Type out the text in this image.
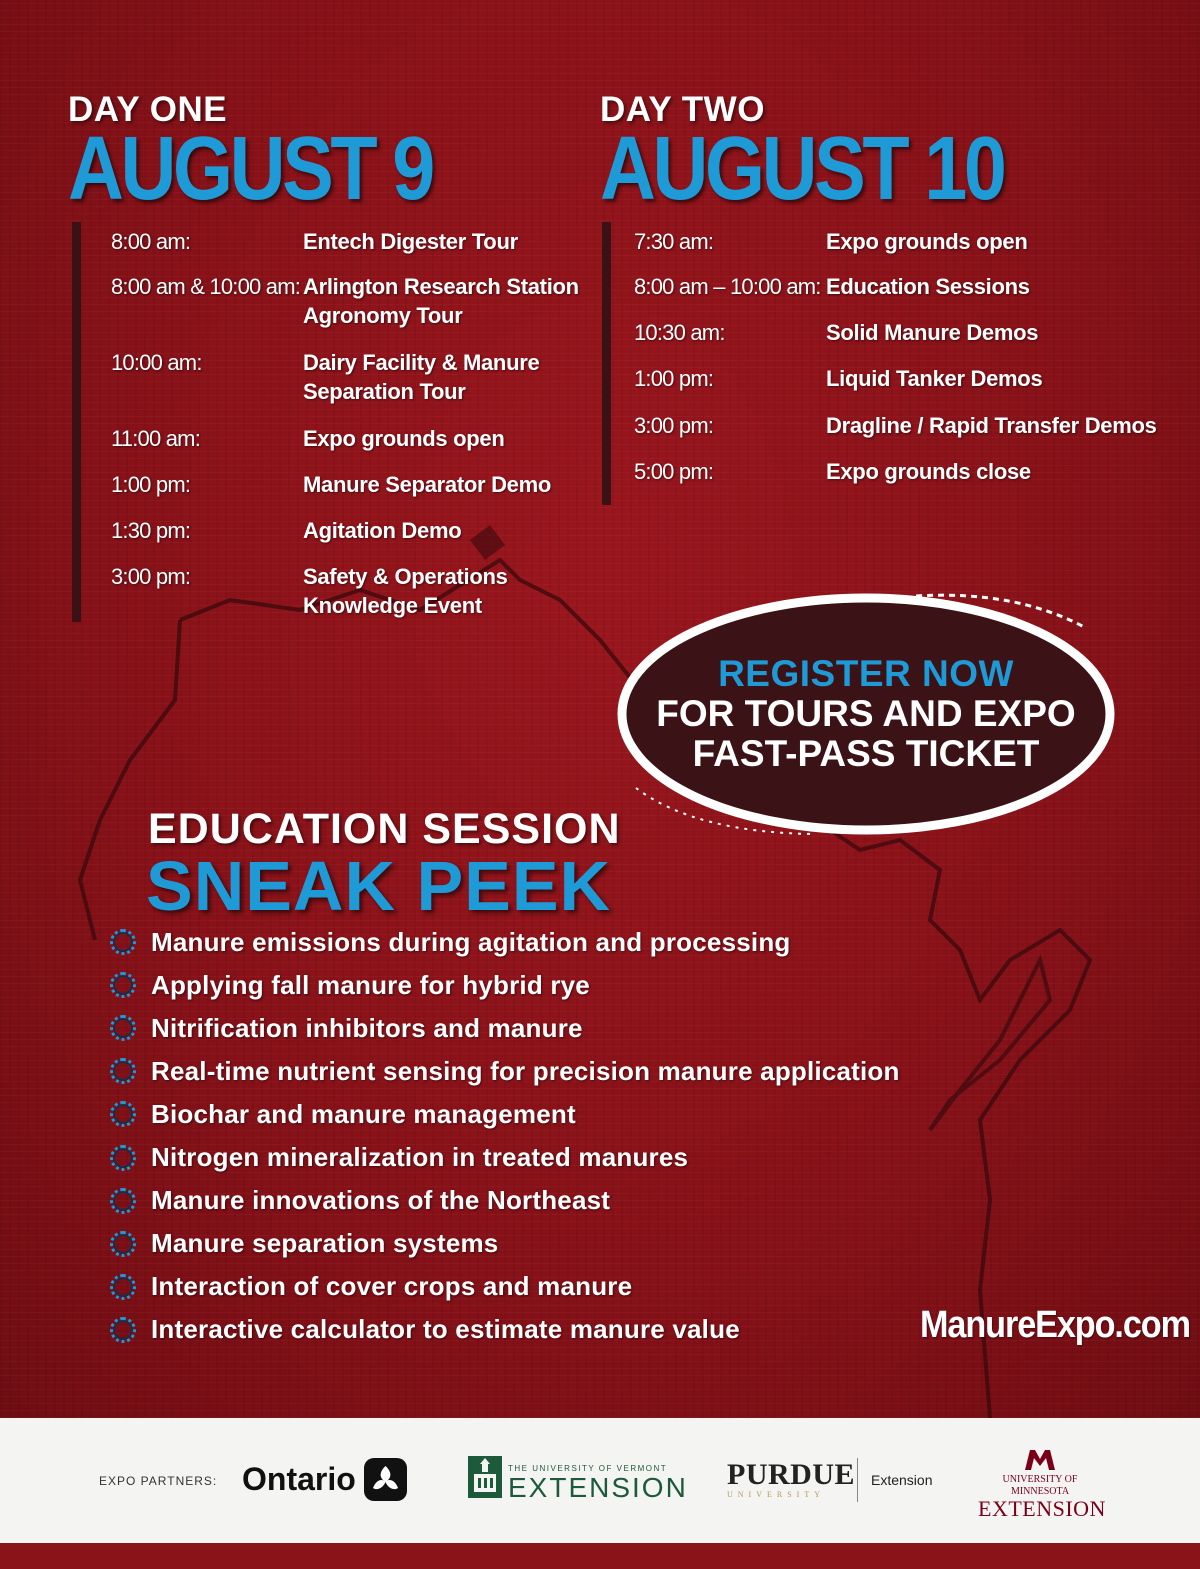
DAY ONE
AUGUST 9
8:00 am:	Entech Digester Tour
8:00 am & 10:00 am: Arlington Research Station
Agronomy Tour
10:00 am:	Dairy Facility & Manure
Separation Tour
11:00 am:	Expo grounds open
1:00 pm:	Manure Separator Demo
1:30 pm:	Agitation Demo
3:00 pm:	Safety & Operations
Knowledge Event
DAY TWO
AUGUST 10
7:30 am:	Expo grounds open
8:00 am – 10:00 am: Education Sessions
10:30 am:	Solid Manure Demos
1:00 pm:	Liquid Tanker Demos
3:00 pm:	Dragline / Rapid Transfer Demos
5:00 pm:	Expo grounds close
REGISTER NOW
FOR TOURS AND EXPO
FAST-PASS TICKET
EDUCATION SESSION
SNEAK PEEK
Manure emissions during agitation and processing
Applying fall manure for hybrid rye
Nitrification inhibitors and manure
Real-time nutrient sensing for precision manure application
Biochar and manure management
Nitrogen mineralization in treated manures
Manure innovations of the Northeast
Manure separation systems
Interaction of cover crops and manure
Interactive calculator to estimate manure value	ManureExpo.com
EXPO PARTNERS: Ontario	THE UNIVERSITY OF VERMONT
EXTENSION PURDUE
UNIVERSITY
Extension	UNIVERSITY OF MINNESOTA
EXTENSION
